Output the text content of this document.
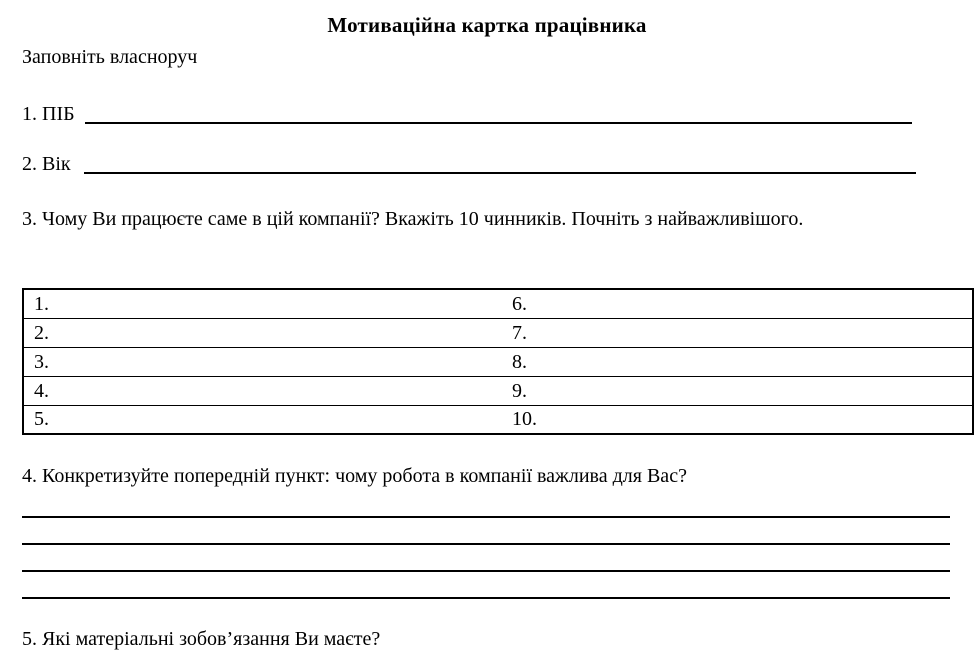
Мотиваційна картка працівника
Заповніть власноруч
1. ПІБ
2. Вік
3. Чому Ви працюєте саме в цій компанії? Вкажіть 10 чинників. Почніть з найважливішого.
1.	6.
2.	7.
3.	8.
4.	9.
5.	10.
4. Конкретизуйте попередній пункт: чому робота в компанії важлива для Вас?
5. Які матеріальні зобов’язання Ви маєте?
